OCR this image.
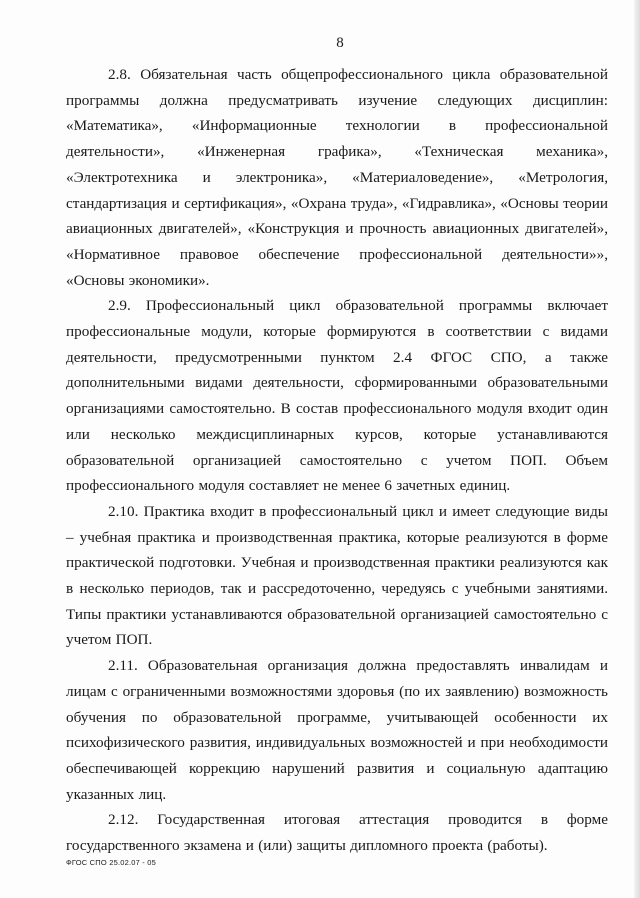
8

2.8. Обязательная часть общепрофессионального цикла образовательной программы должна предусматривать изучение следующих дисциплин: «Математика», «Информационные технологии в профессиональной деятельности», «Инженерная графика», «Техническая механика», «Электротехника и электроника», «Материаловедение», «Метрология, стандартизация и сертификация», «Охрана труда», «Гидравлика», «Основы теории авиационных двигателей», «Конструкция и прочность авиационных двигателей», «Нормативное правовое обеспечение профессиональной деятельности»», «Основы экономики».

2.9. Профессиональный цикл образовательной программы включает профессиональные модули, которые формируются в соответствии с видами деятельности, предусмотренными пунктом 2.4 ФГОС СПО, а также дополнительными видами деятельности, сформированными образовательными организациями самостоятельно. В состав профессионального модуля входит один или несколько междисциплинарных курсов, которые устанавливаются образовательной организацией самостоятельно с учетом ПОП. Объем профессионального модуля составляет не менее 6 зачетных единиц.

2.10. Практика входит в профессиональный цикл и имеет следующие виды – учебная практика и производственная практика, которые реализуются в форме практической подготовки. Учебная и производственная практики реализуются как в несколько периодов, так и рассредоточенно, чередуясь с учебными занятиями. Типы практики устанавливаются образовательной организацией самостоятельно с учетом ПОП.

2.11. Образовательная организация должна предоставлять инвалидам и лицам с ограниченными возможностями здоровья (по их заявлению) возможность обучения по образовательной программе, учитывающей особенности их психофизического развития, индивидуальных возможностей и при необходимости обеспечивающей коррекцию нарушений развития и социальную адаптацию указанных лиц.

2.12. Государственная итоговая аттестация проводится в форме государственного экзамена и (или) защиты дипломного проекта (работы).

ФГОС СПО 25.02.07 - 05
